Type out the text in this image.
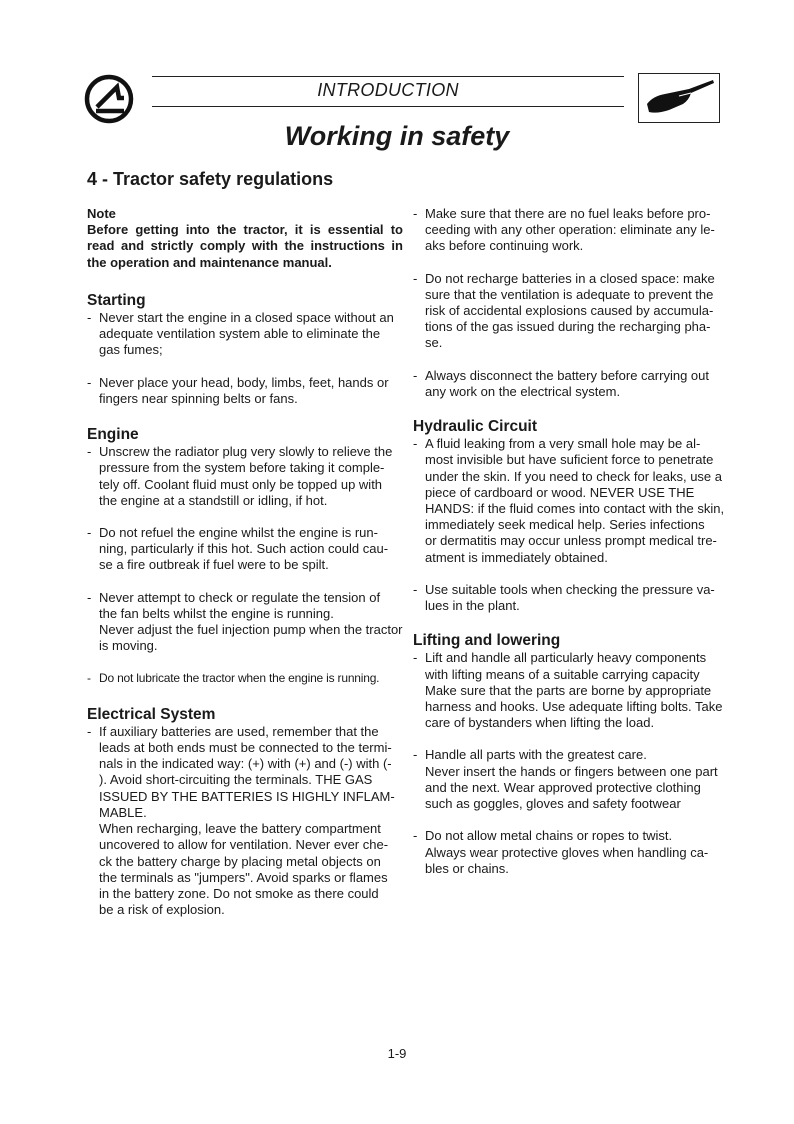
INTRODUCTION
Working in safety
4 - Tractor safety regulations
Note
Before getting into the tractor, it is essential to read and strictly comply with the instructions in the operation and maintenance manual.
Starting
- Never start the engine in a closed space without an
adequate ventilation system able to eliminate the
gas fumes;
- Never place your head, body, limbs, feet, hands or
fingers near spinning belts or fans.
Engine
- Unscrew the radiator plug very slowly to relieve the
pressure from the system before taking it comple-
tely off. Coolant fluid must only be topped up with
the engine at a standstill or idling, if hot.
- Do not refuel the engine whilst the engine is run-
ning, particularly if this hot. Such action could cau-
se a fire outbreak if fuel were to be spilt.
- Never attempt to check or regulate the tension of
the fan belts whilst the engine is running.
Never adjust the fuel injection pump when the tractor
is moving.
- Do not lubricate the tractor when the engine is running.
Electrical System
- If auxiliary batteries are used, remember that the
leads at both ends must be connected to the termi-
nals in the indicated way: (+) with (+) and (-) with (-
). Avoid short-circuiting the terminals. THE GAS
ISSUED BY THE BATTERIES IS HIGHLY INFLAM-
MABLE.
When recharging, leave the battery compartment
uncovered to allow for ventilation. Never ever che-
ck the battery charge by placing metal objects on
the terminals as "jumpers". Avoid sparks or flames
in the battery zone. Do not smoke as there could
be a risk of explosion.
- Make sure that there are no fuel leaks before pro-
ceeding with any other operation: eliminate any le-
aks before continuing work.
- Do not recharge batteries in a closed space: make
sure that the ventilation is adequate to prevent the
risk of accidental explosions caused by accumula-
tions of the gas issued during the recharging pha-
se.
- Always disconnect the battery before carrying out
any work on the electrical system.
Hydraulic Circuit
- A fluid leaking from a very small hole may be al-
most invisible but have suficient force to penetrate
under the skin. If you need to check for leaks, use a
piece of cardboard or wood. NEVER USE THE
HANDS: if the fluid comes into contact with the skin,
immediately seek medical help. Series infections
or dermatitis may occur unless prompt medical tre-
atment is immediately obtained.
- Use suitable tools when checking the pressure va-
lues in the plant.
Lifting and lowering
- Lift and handle all particularly heavy components
with lifting means of a suitable carrying capacity
Make sure that the parts are borne by appropriate
harness and hooks. Use adequate lifting bolts. Take
care of bystanders when lifting the load.
- Handle all parts with the greatest care.
Never insert the hands or fingers between one part
and the next. Wear approved protective clothing
such as goggles, gloves and safety footwear
- Do not allow metal chains or ropes to twist.
Always wear protective gloves when handling ca-
bles or chains.
1-9
